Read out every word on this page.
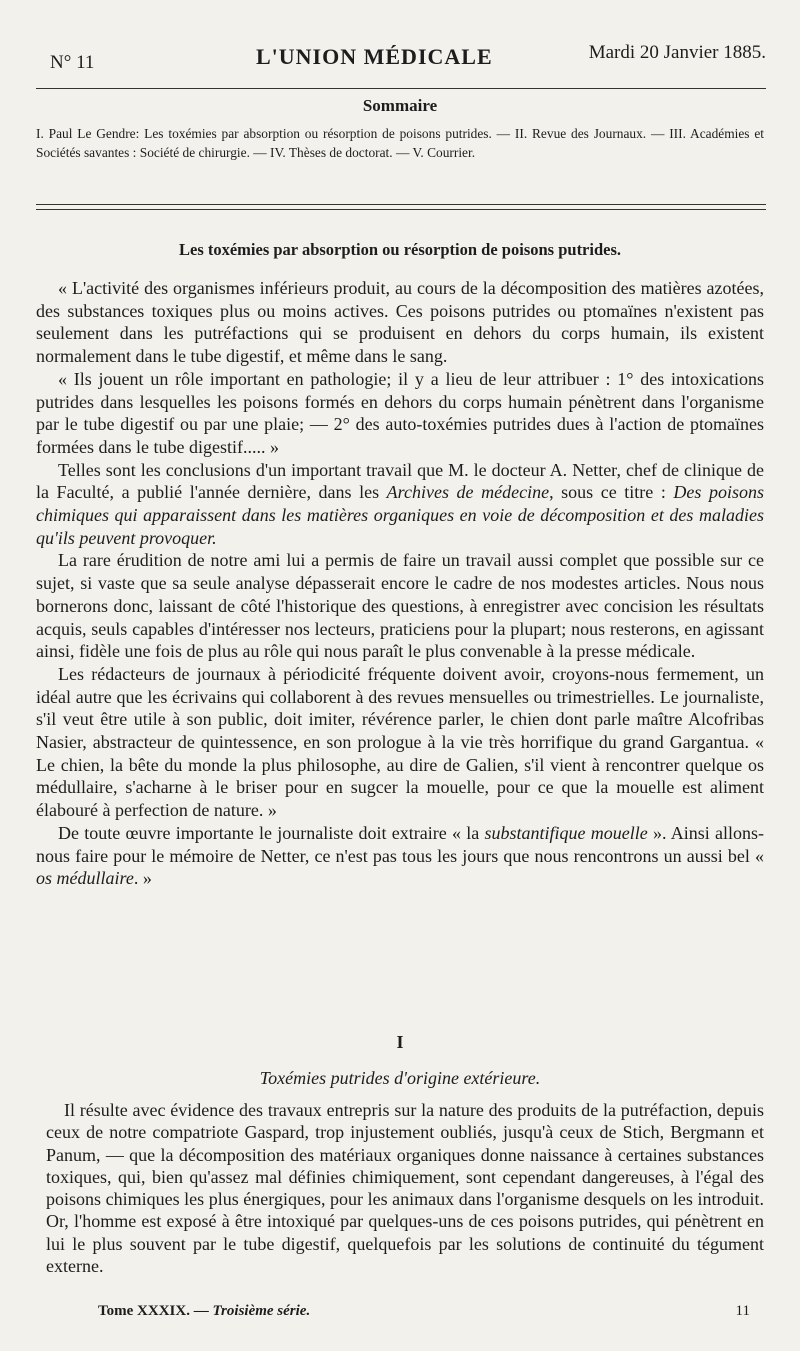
N° 11	L'UNION MÉDICALE	Mardi 20 Janvier 1885.
Sommaire
I. Paul Le Gendre: Les toxémies par absorption ou résorption de poisons putrides. — II. Revue des Journaux. — III. Académies et Sociétés savantes : Société de chirurgie. — IV. Thèses de doctorat. — V. Courrier.
Les toxémies par absorption ou résorption de poisons putrides.

« L'activité des organismes inférieurs produit, au cours de la décomposition des matières azotées, des substances toxiques plus ou moins actives. Ces poisons putrides ou ptomaïnes n'existent pas seulement dans les putréfactions qui se produisent en dehors du corps humain, ils existent normalement dans le tube digestif, et même dans le sang.

« Ils jouent un rôle important en pathologie; il y a lieu de leur attribuer : 1° des intoxications putrides dans lesquelles les poisons formés en dehors du corps humain pénètrent dans l'organisme par le tube digestif ou par une plaie; — 2° des auto-toxémies putrides dues à l'action de ptomaïnes formées dans le tube digestif..... »

Telles sont les conclusions d'un important travail que M. le docteur A. Netter, chef de clinique de la Faculté, a publié l'année dernière, dans les Archives de médecine, sous ce titre : Des poisons chimiques qui apparaissent dans les matières organiques en voie de décomposition et des maladies qu'ils peuvent provoquer.

La rare érudition de notre ami lui a permis de faire un travail aussi complet que possible sur ce sujet, si vaste que sa seule analyse dépasserait encore le cadre de nos modestes articles. Nous nous bornerons donc, laissant de côté l'historique des questions, à enregistrer avec concision les résultats acquis, seuls capables d'intéresser nos lecteurs, praticiens pour la plupart; nous resterons, en agissant ainsi, fidèle une fois de plus au rôle qui nous paraît le plus convenable à la presse médicale.

Les rédacteurs de journaux à périodicité fréquente doivent avoir, croyons-nous fermement, un idéal autre que les écrivains qui collaborent à des revues mensuelles ou trimestrielles. Le journaliste, s'il veut être utile à son public, doit imiter, révérence parler, le chien dont parle maître Alcofribas Nasier, abstracteur de quintessence, en son prologue à la vie très horrifique du grand Gargantua. « Le chien, la bête du monde la plus philosophe, au dire de Galien, s'il vient à rencontrer quelque os médullaire, s'acharne à le briser pour en sugcer la mouelle, pour ce que la mouelle est aliment élabouré à perfection de nature. »

De toute œuvre importante le journaliste doit extraire « la substantifique mouelle ». Ainsi allons-nous faire pour le mémoire de Netter, ce n'est pas tous les jours que nous rencontrons un aussi bel « os médullaire. »

I
Toxémies putrides d'origine extérieure.

Il résulte avec évidence des travaux entrepris sur la nature des produits de la putréfaction, depuis ceux de notre compatriote Gaspard, trop injustement oubliés, jusqu'à ceux de Stich, Bergmann et Panum, — que la décomposition des matériaux organiques donne naissance à certaines substances toxiques, qui, bien qu'assez mal définies chimiquement, sont cependant dangereuses, à l'égal des poisons chimiques les plus énergiques, pour les animaux dans l'organisme desquels on les introduit. Or, l'homme est exposé à être intoxiqué par quelques-uns de ces poisons putrides, qui pénètrent en lui le plus souvent par le tube digestif, quelquefois par les solutions de continuité du tégument externe.

Tome XXXIX. — Troisième série.	11
